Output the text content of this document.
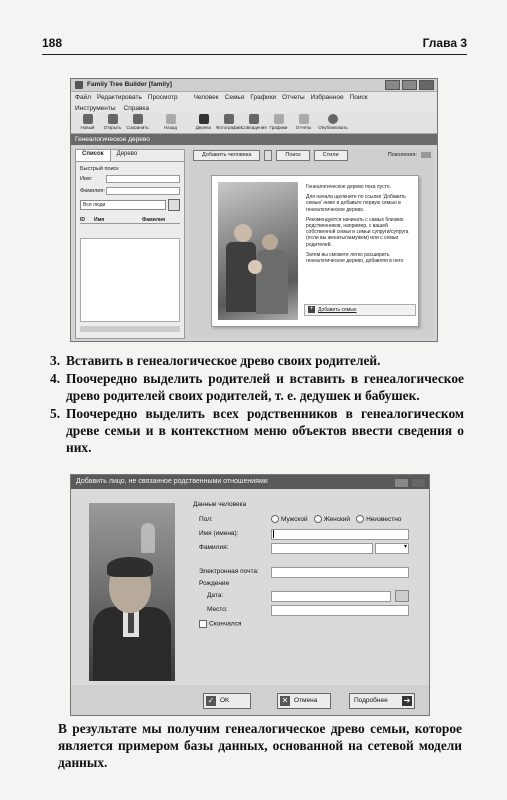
188	Глава 3
Family Tree Builder [family]
Файл Редактировать Просмотр Человек Семья Графики Отчеты Избранное Поиск
Инструменты Справка
Новый	Открыть	Сохранить	Назад	Дерево	Фотографии Совпадения Графики	Отчеты	Опубликовать
Генеалогическое дерево
Список	Дерево
Быстрый поиск
Имя:
Фамилия:
Все люди
ID	Имя	Фамилия
Добавить человека	Поиск	Стили	Поколения:

Генеалогическое дерево пока пусто.

Для начала щелкните по ссылке 'Добавить семью' ниже и добавьте первую семью в генеалогическое дерево.

Рекомендуется начинать с самых близких родственников, например, с вашей собственной семьи и семьи супруги/супруга (если вы женаты/замужем) или с семьи родителей.

Затем вы сможете легко расширить генеалогическое дерево, добавляя в него

+ Добавить семью
3. Вставить в генеалогическое древо своих родителей.
4. Поочередно выделить родителей и вставить в генеалогическое древо родителей своих родителей, т. е. дедушек и бабушек.
5. Поочередно выделить всех родственников в генеалогическом древе семьи и в контекстном меню объектов ввести сведения о них.
Добавить лицо, не связанное родственными отношениями
Данные человека
Пол:	Мужской Женский Неизвестно
Имя (имена):
Фамилия:
▾
Электронная почта:
Рождение
Дата:
Место:
Скончался
✓ OK	✕ Отмена	Подробнее ➔
В результате мы получим генеалогическое древо семьи, которое является примером базы данных, основанной на сетевой модели данных.
